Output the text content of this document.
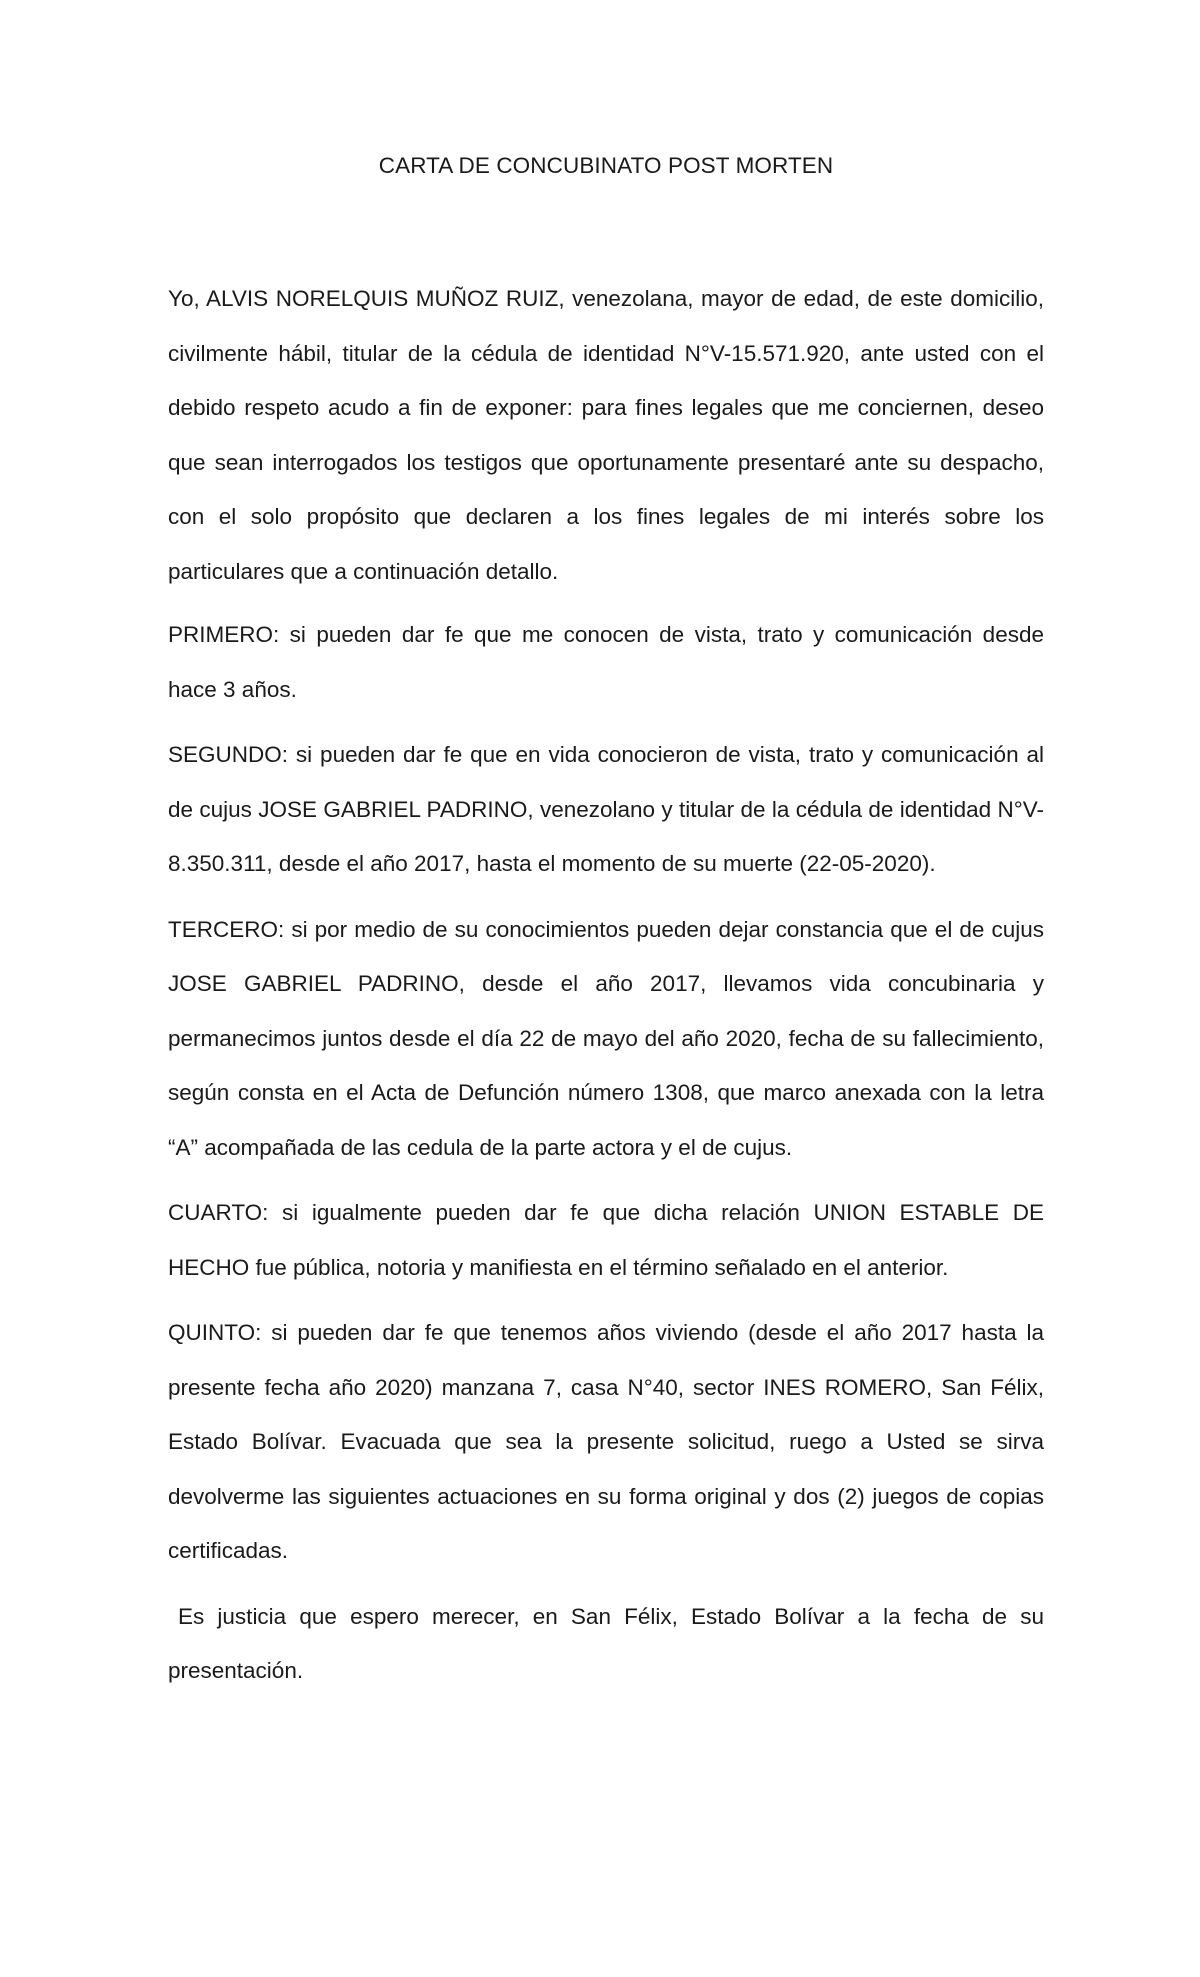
CARTA DE CONCUBINATO POST MORTEN

Yo, ALVIS NORELQUIS MUÑOZ RUIZ, venezolana, mayor de edad, de este domicilio, civilmente hábil, titular de la cédula de identidad N°V-15.571.920, ante usted con el debido respeto acudo a fin de exponer: para fines legales que me conciernen, deseo que sean interrogados los testigos que oportunamente presentaré ante su despacho, con el solo propósito que declaren a los fines legales de mi interés sobre los particulares que a continuación detallo.

PRIMERO: si pueden dar fe que me conocen de vista, trato y comunicación desde hace 3 años.

SEGUNDO: si pueden dar fe que en vida conocieron de vista, trato y comunicación al de cujus JOSE GABRIEL PADRINO, venezolano y titular de la cédula de identidad N°V-8.350.311, desde el año 2017, hasta el momento de su muerte (22-05-2020).

TERCERO: si por medio de su conocimientos pueden dejar constancia que el de cujus JOSE GABRIEL PADRINO, desde el año 2017, llevamos vida concubinaria y permanecimos juntos desde el día 22 de mayo del año 2020, fecha de su fallecimiento, según consta en el Acta de Defunción número 1308, que marco anexada con la letra “A” acompañada de las cedula de la parte actora y el de cujus.

CUARTO: si igualmente pueden dar fe que dicha relación UNION ESTABLE DE HECHO fue pública, notoria y manifiesta en el término señalado en el anterior.

QUINTO: si pueden dar fe que tenemos años viviendo (desde el año 2017 hasta la presente fecha año 2020) manzana 7, casa N°40, sector INES ROMERO, San Félix, Estado Bolívar. Evacuada que sea la presente solicitud, ruego a Usted se sirva devolverme las siguientes actuaciones en su forma original y dos (2) juegos de copias certificadas.

Es justicia que espero merecer, en San Félix, Estado Bolívar a la fecha de su presentación.
